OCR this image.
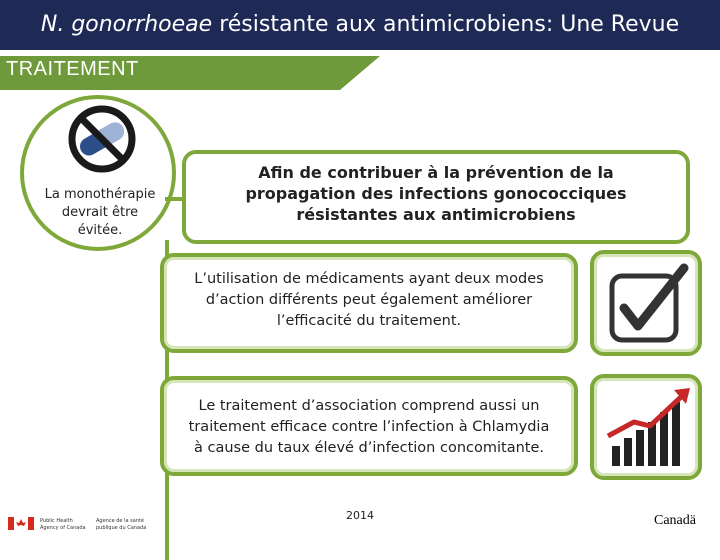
N. gonorrhoeae résistante aux antimicrobiens: Une Revue
TRAITEMENT
La monothérapie devrait être évitée.
Afin de contribuer à la prévention de la propagation des infections gonococciques résistantes aux antimicrobiens
L’utilisation de médicaments ayant deux modes d’action différents peut également améliorer l’efficacité du traitement.
Le traitement d’association comprend aussi un traitement efficace contre l’infection à Chlamydia à cause du taux élevé d’infection concomitante.
Public Health
Agency of Canada
Agence de la santé
publique du Canada
2014	Canadä
